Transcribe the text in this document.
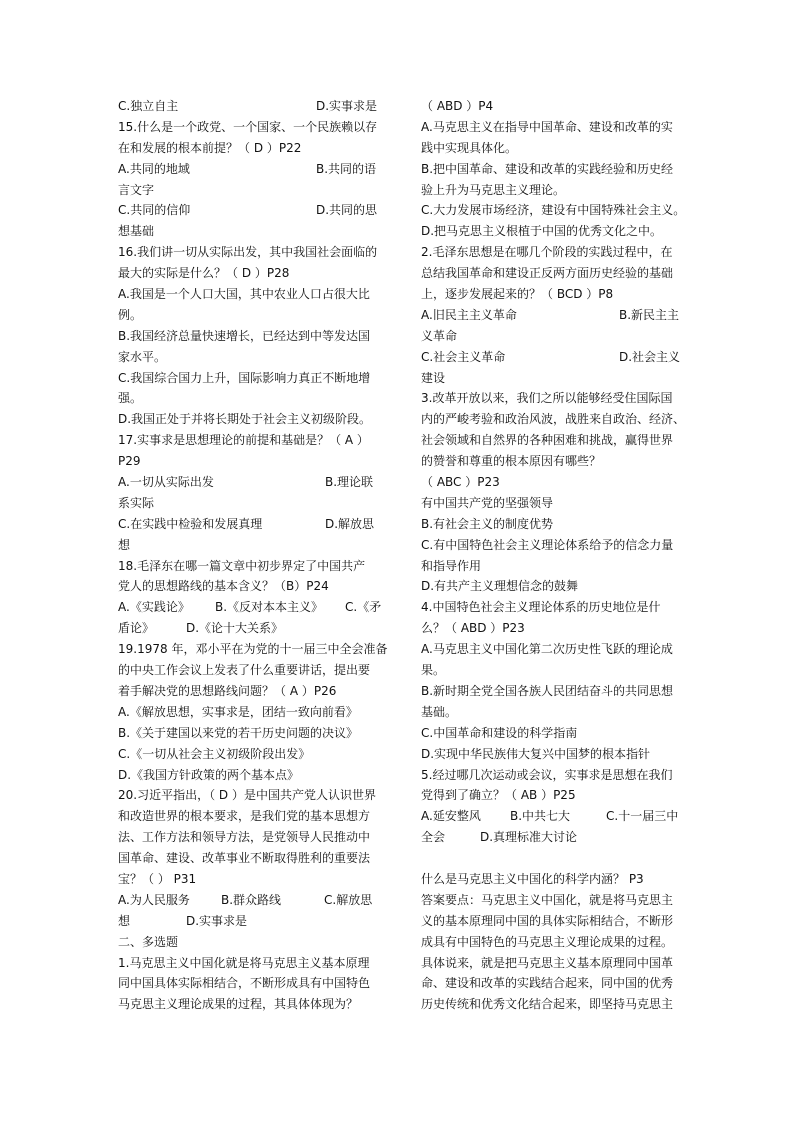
C.独立自主	D.实事求是
15.什么是一个政党、一个国家、一个民族赖以存
在和发展的根本前提？（ D ）P22
A.共同的地域	B.共同的语
言文字
C.共同的信仰	D.共同的思
想基础
16.我们讲一切从实际出发，其中我国社会面临的
最大的实际是什么？（ D ）P28
A.我国是一个人口大国，其中农业人口占很大比
例。
B.我国经济总量快速增长，已经达到中等发达国
家水平。
C.我国综合国力上升，国际影响力真正不断地增
强。
D.我国正处于并将长期处于社会主义初级阶段。
17.实事求是思想理论的前提和基础是？（ A ）
P29
A.一切从实际出发	B.理论联
系实际
C.在实践中检验和发展真理	D.解放思
想
18.毛泽东在哪一篇文章中初步界定了中国共产
党人的思想路线的基本含义？（B）P24
A.《实践论》 B.《反对本本主义》 C.《矛
盾论》	D.《论十大关系》
19.1978 年，邓小平在为党的十一届三中全会准备
的中央工作会议上发表了什么重要讲话，提出要
着手解决党的思想路线问题？（ A ）P26
A.《解放思想，实事求是，团结一致向前看》
B.《关于建国以来党的若干历史问题的决议》
C.《一切从社会主义初级阶段出发》
D.《我国方针政策的两个基本点》
20.习近平指出，（ D ）是中国共产党人认识世界
和改造世界的根本要求，是我们党的基本思想方
法、工作方法和领导方法，是党领导人民推动中
国革命、建设、改革事业不断取得胜利的重要法
宝？（ ） P31
A.为人民服务	B.群众路线	C.解放思
想	D.实事求是
二、多选题
1.马克思主义中国化就是将马克思主义基本原理
同中国具体实际相结合，不断形成具有中国特色
马克思主义理论成果的过程，其具体体现为？
（ ABD ）P4
A.马克思主义在指导中国革命、建设和改革的实
践中实现具体化。
B.把中国革命、建设和改革的实践经验和历史经
验上升为马克思主义理论。
C.大力发展市场经济，建设有中国特殊社会主义。
D.把马克思主义根植于中国的优秀文化之中。
2.毛泽东思想是在哪几个阶段的实践过程中，在
总结我国革命和建设正反两方面历史经验的基础
上，逐步发展起来的？（ BCD ）P8
A.旧民主主义革命	B.新民主主
义革命
C.社会主义革命	D.社会主义
建设
3.改革开放以来，我们之所以能够经受住国际国
内的严峻考验和政治风波，战胜来自政治、经济、
社会领域和自然界的各种困难和挑战，赢得世界
的赞誉和尊重的根本原因有哪些？
（ ABC ）P23
有中国共产党的坚强领导
B.有社会主义的制度优势
C.有中国特色社会主义理论体系给予的信念力量
和指导作用
D.有共产主义理想信念的鼓舞
4.中国特色社会主义理论体系的历史地位是什
么？（ ABD ）P23
A.马克思主义中国化第二次历史性飞跃的理论成
果。
B.新时期全党全国各族人民团结奋斗的共同思想
基础。
C.中国革命和建设的科学指南
D.实现中华民族伟大复兴中国梦的根本指针
5.经过哪几次运动或会议，实事求是思想在我们
党得到了确立？（ AB ）P25
A.延安整风 B.中共七大	C.十一届三中
全会	D.真理标准大讨论
什么是马克思主义中国化的科学内涵？ P3
答案要点：马克思主义中国化，就是将马克思主
义的基本原理同中国的具体实际相结合，不断形
成具有中国特色的马克思主义理论成果的过程。
具体说来，就是把马克思主义基本原理同中国革
命、建设和改革的实践结合起来，同中国的优秀
历史传统和优秀文化结合起来，即坚持马克思主
